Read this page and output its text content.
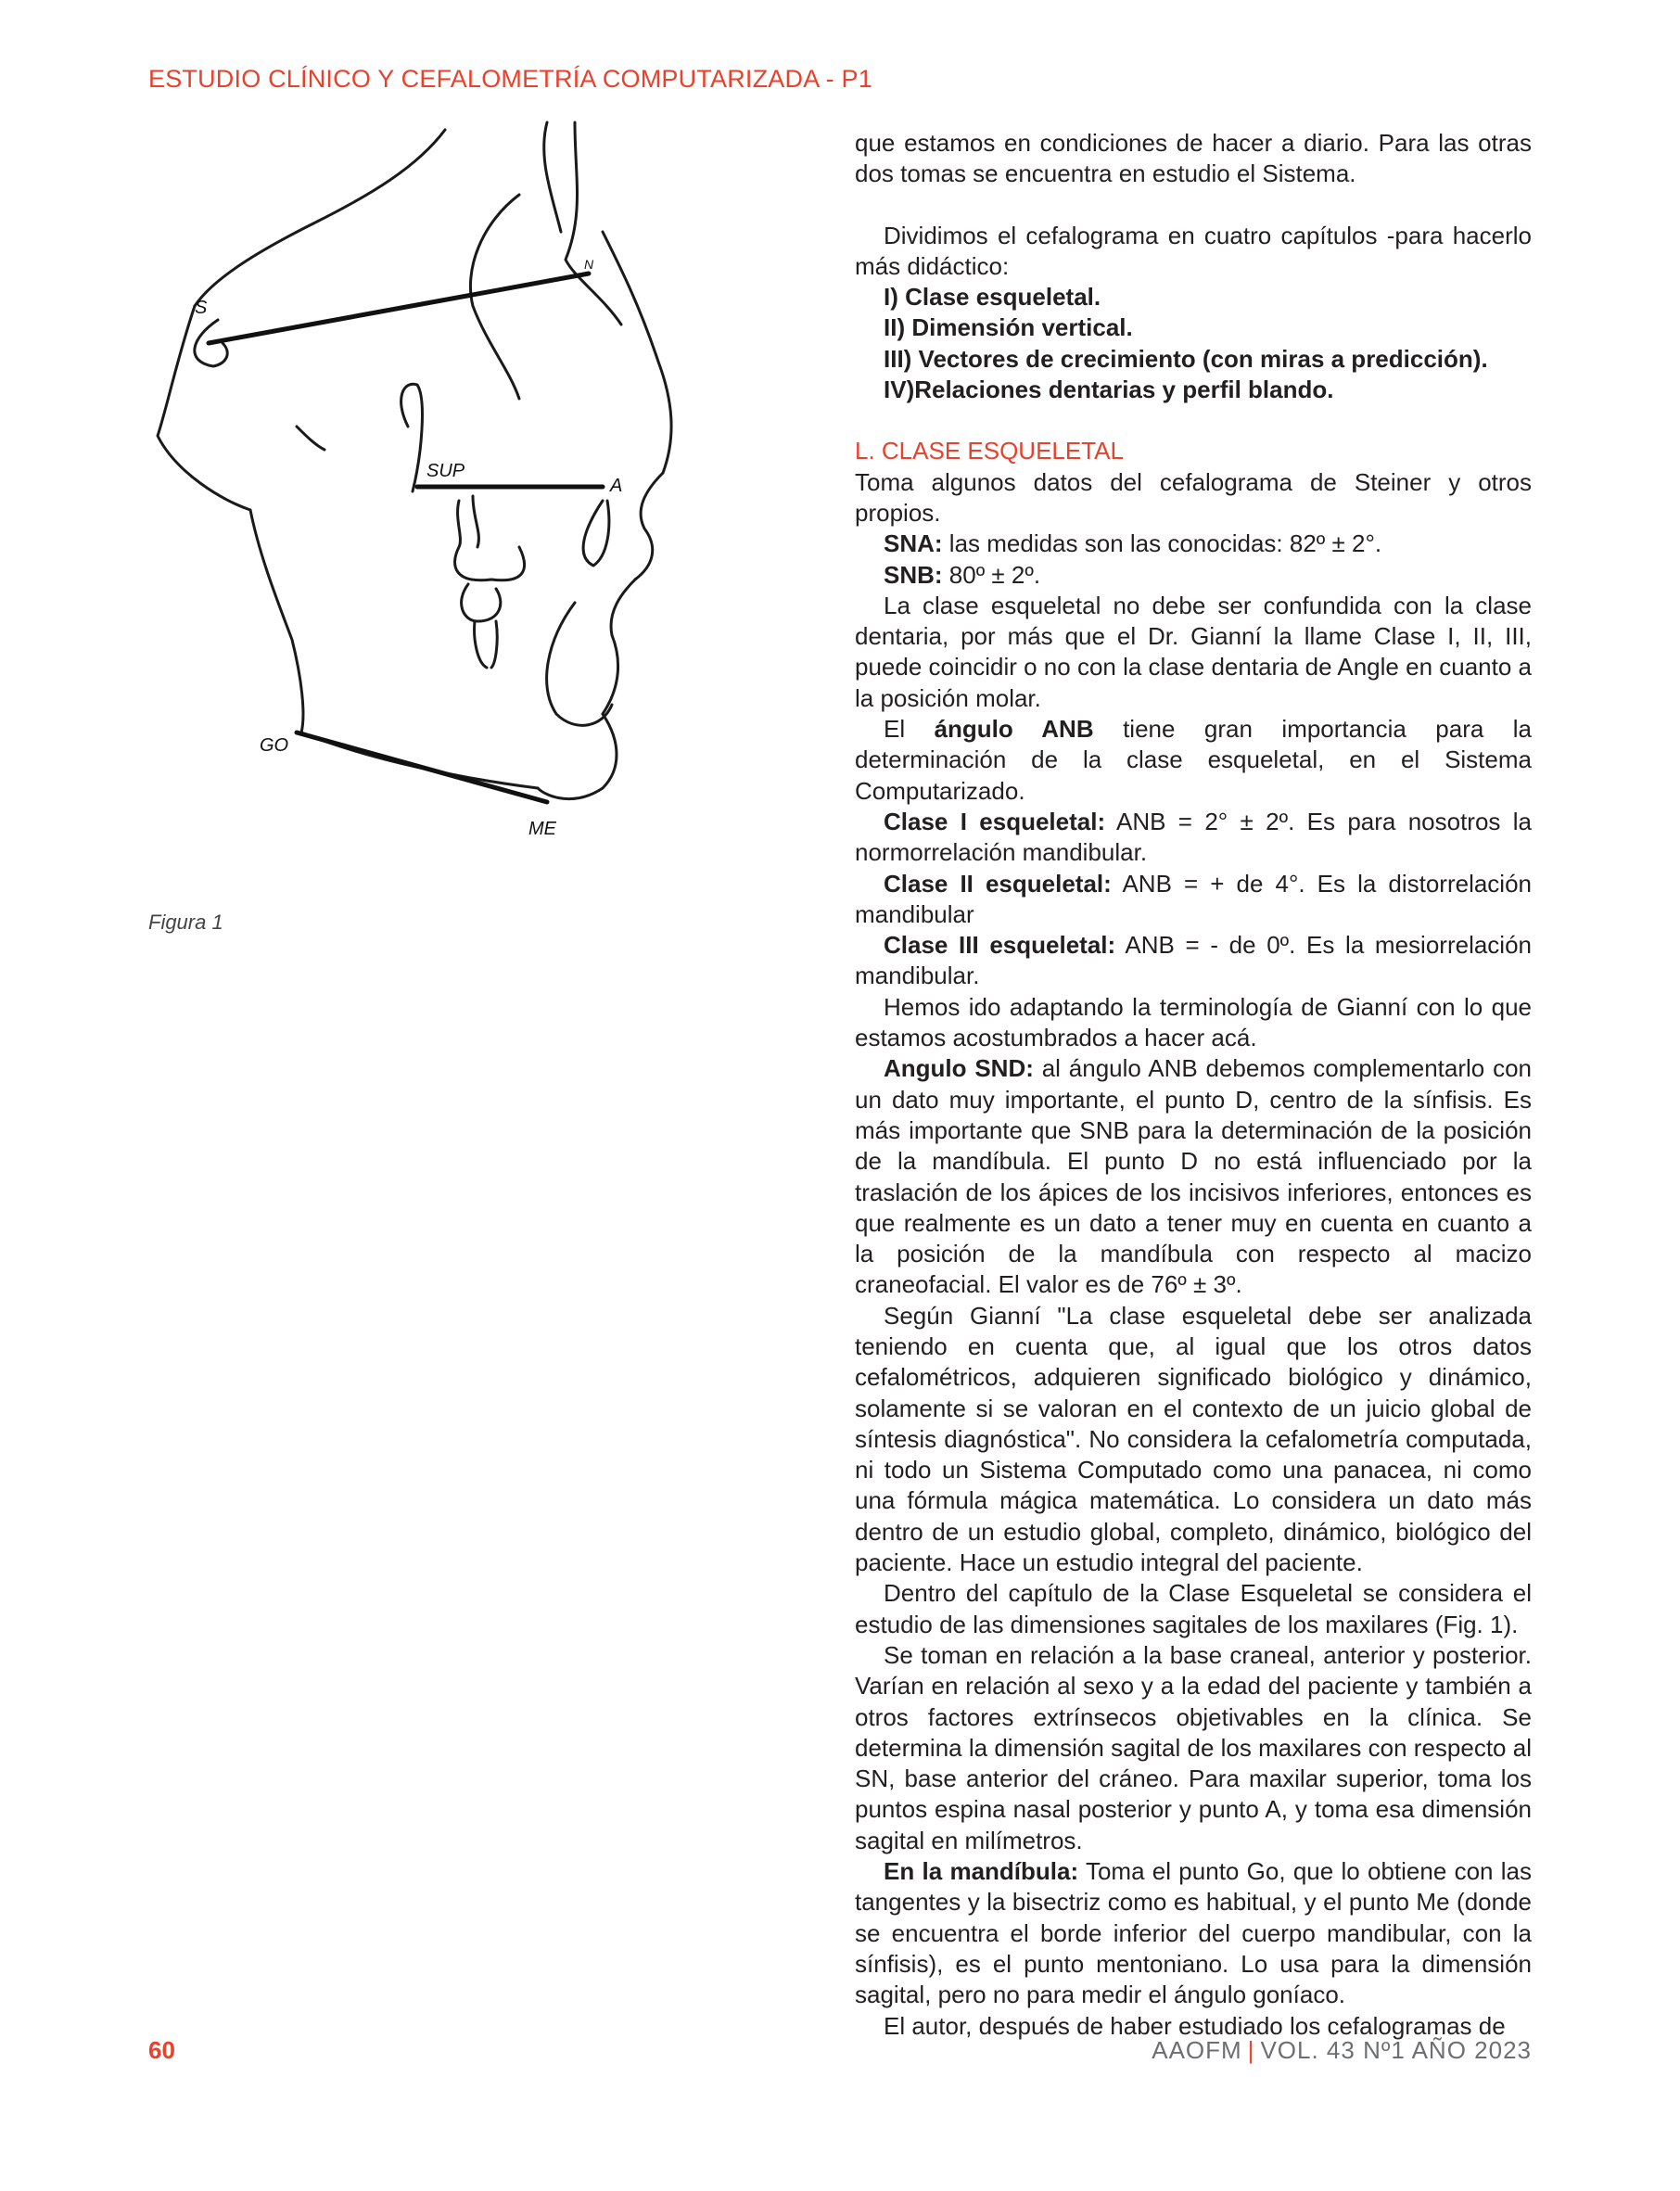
ESTUDIO CLÍNICO Y CEFALOMETRÍA COMPUTARIZADA - P1
S
N
SUP
A
GO
ME
Figura 1

que estamos en condiciones de hacer a diario. Para las otras dos tomas se encuentra en estudio el Sistema.

Dividimos el cefalograma en cuatro capítulos -para hacerlo más didáctico:

I) Clase esqueletal.
II) Dimensión vertical.
III) Vectores de crecimiento (con miras a predicción).
IV)Relaciones dentarias y perfil blando.

L. CLASE ESQUELETAL

Toma algunos datos del cefalograma de Steiner y otros propios.

SNA: las medidas son las conocidas: 82º ± 2°.

SNB: 80º ± 2º.

La clase esqueletal no debe ser confundida con la clase dentaria, por más que el Dr. Gianní la llame Clase I, II, III, puede coincidir o no con la clase dentaria de Angle en cuanto a la posición molar.

El ángulo ANB tiene gran importancia para la determinación de la clase esqueletal, en el Sistema Computarizado.

Clase I esqueletal: ANB = 2° ± 2º. Es para nosotros la normorrelación mandibular.

Clase II esqueletal: ANB = + de 4°. Es la distorrelación mandibular

Clase III esqueletal: ANB = - de 0º. Es la mesiorrelación mandibular.

Hemos ido adaptando la terminología de Gianní con lo que estamos acostumbrados a hacer acá.

Angulo SND: al ángulo ANB debemos complementarlo con un dato muy importante, el punto D, centro de la sínfisis. Es más importante que SNB para la determinación de la posición de la mandíbula. El punto D no está influenciado por la traslación de los ápices de los incisivos inferiores, entonces es que realmente es un dato a tener muy en cuenta en cuanto a la posición de la mandíbula con respecto al macizo craneofacial. El valor es de 76º ± 3º.

Según Gianní "La clase esqueletal debe ser analizada teniendo en cuenta que, al igual que los otros datos cefalométricos, adquieren significado biológico y dinámico, solamente si se valoran en el contexto de un juicio global de síntesis diagnóstica". No considera la cefalometría computada, ni todo un Sistema Computado como una panacea, ni como una fórmula mágica matemática. Lo considera un dato más dentro de un estudio global, completo, dinámico, biológico del paciente. Hace un estudio integral del paciente.

Dentro del capítulo de la Clase Esqueletal se considera el estudio de las dimensiones sagitales de los maxilares (Fig. 1).

Se toman en relación a la base craneal, anterior y posterior. Varían en relación al sexo y a la edad del paciente y también a otros factores extrínsecos objetivables en la clínica. Se determina la dimensión sagital de los maxilares con respecto al SN, base anterior del cráneo. Para maxilar superior, toma los puntos espina nasal posterior y punto A, y toma esa dimensión sagital en milímetros.

En la mandíbula: Toma el punto Go, que lo obtiene con las tangentes y la bisectriz como es habitual, y el punto Me (donde se encuentra el borde inferior del cuerpo mandibular, con la sínfisis), es el punto mentoniano. Lo usa para la dimensión sagital, pero no para medir el ángulo goníaco.

El autor, después de haber estudiado los cefalogramas de

60	AAOFM | VOL. 43 Nº1 AÑO 2023
